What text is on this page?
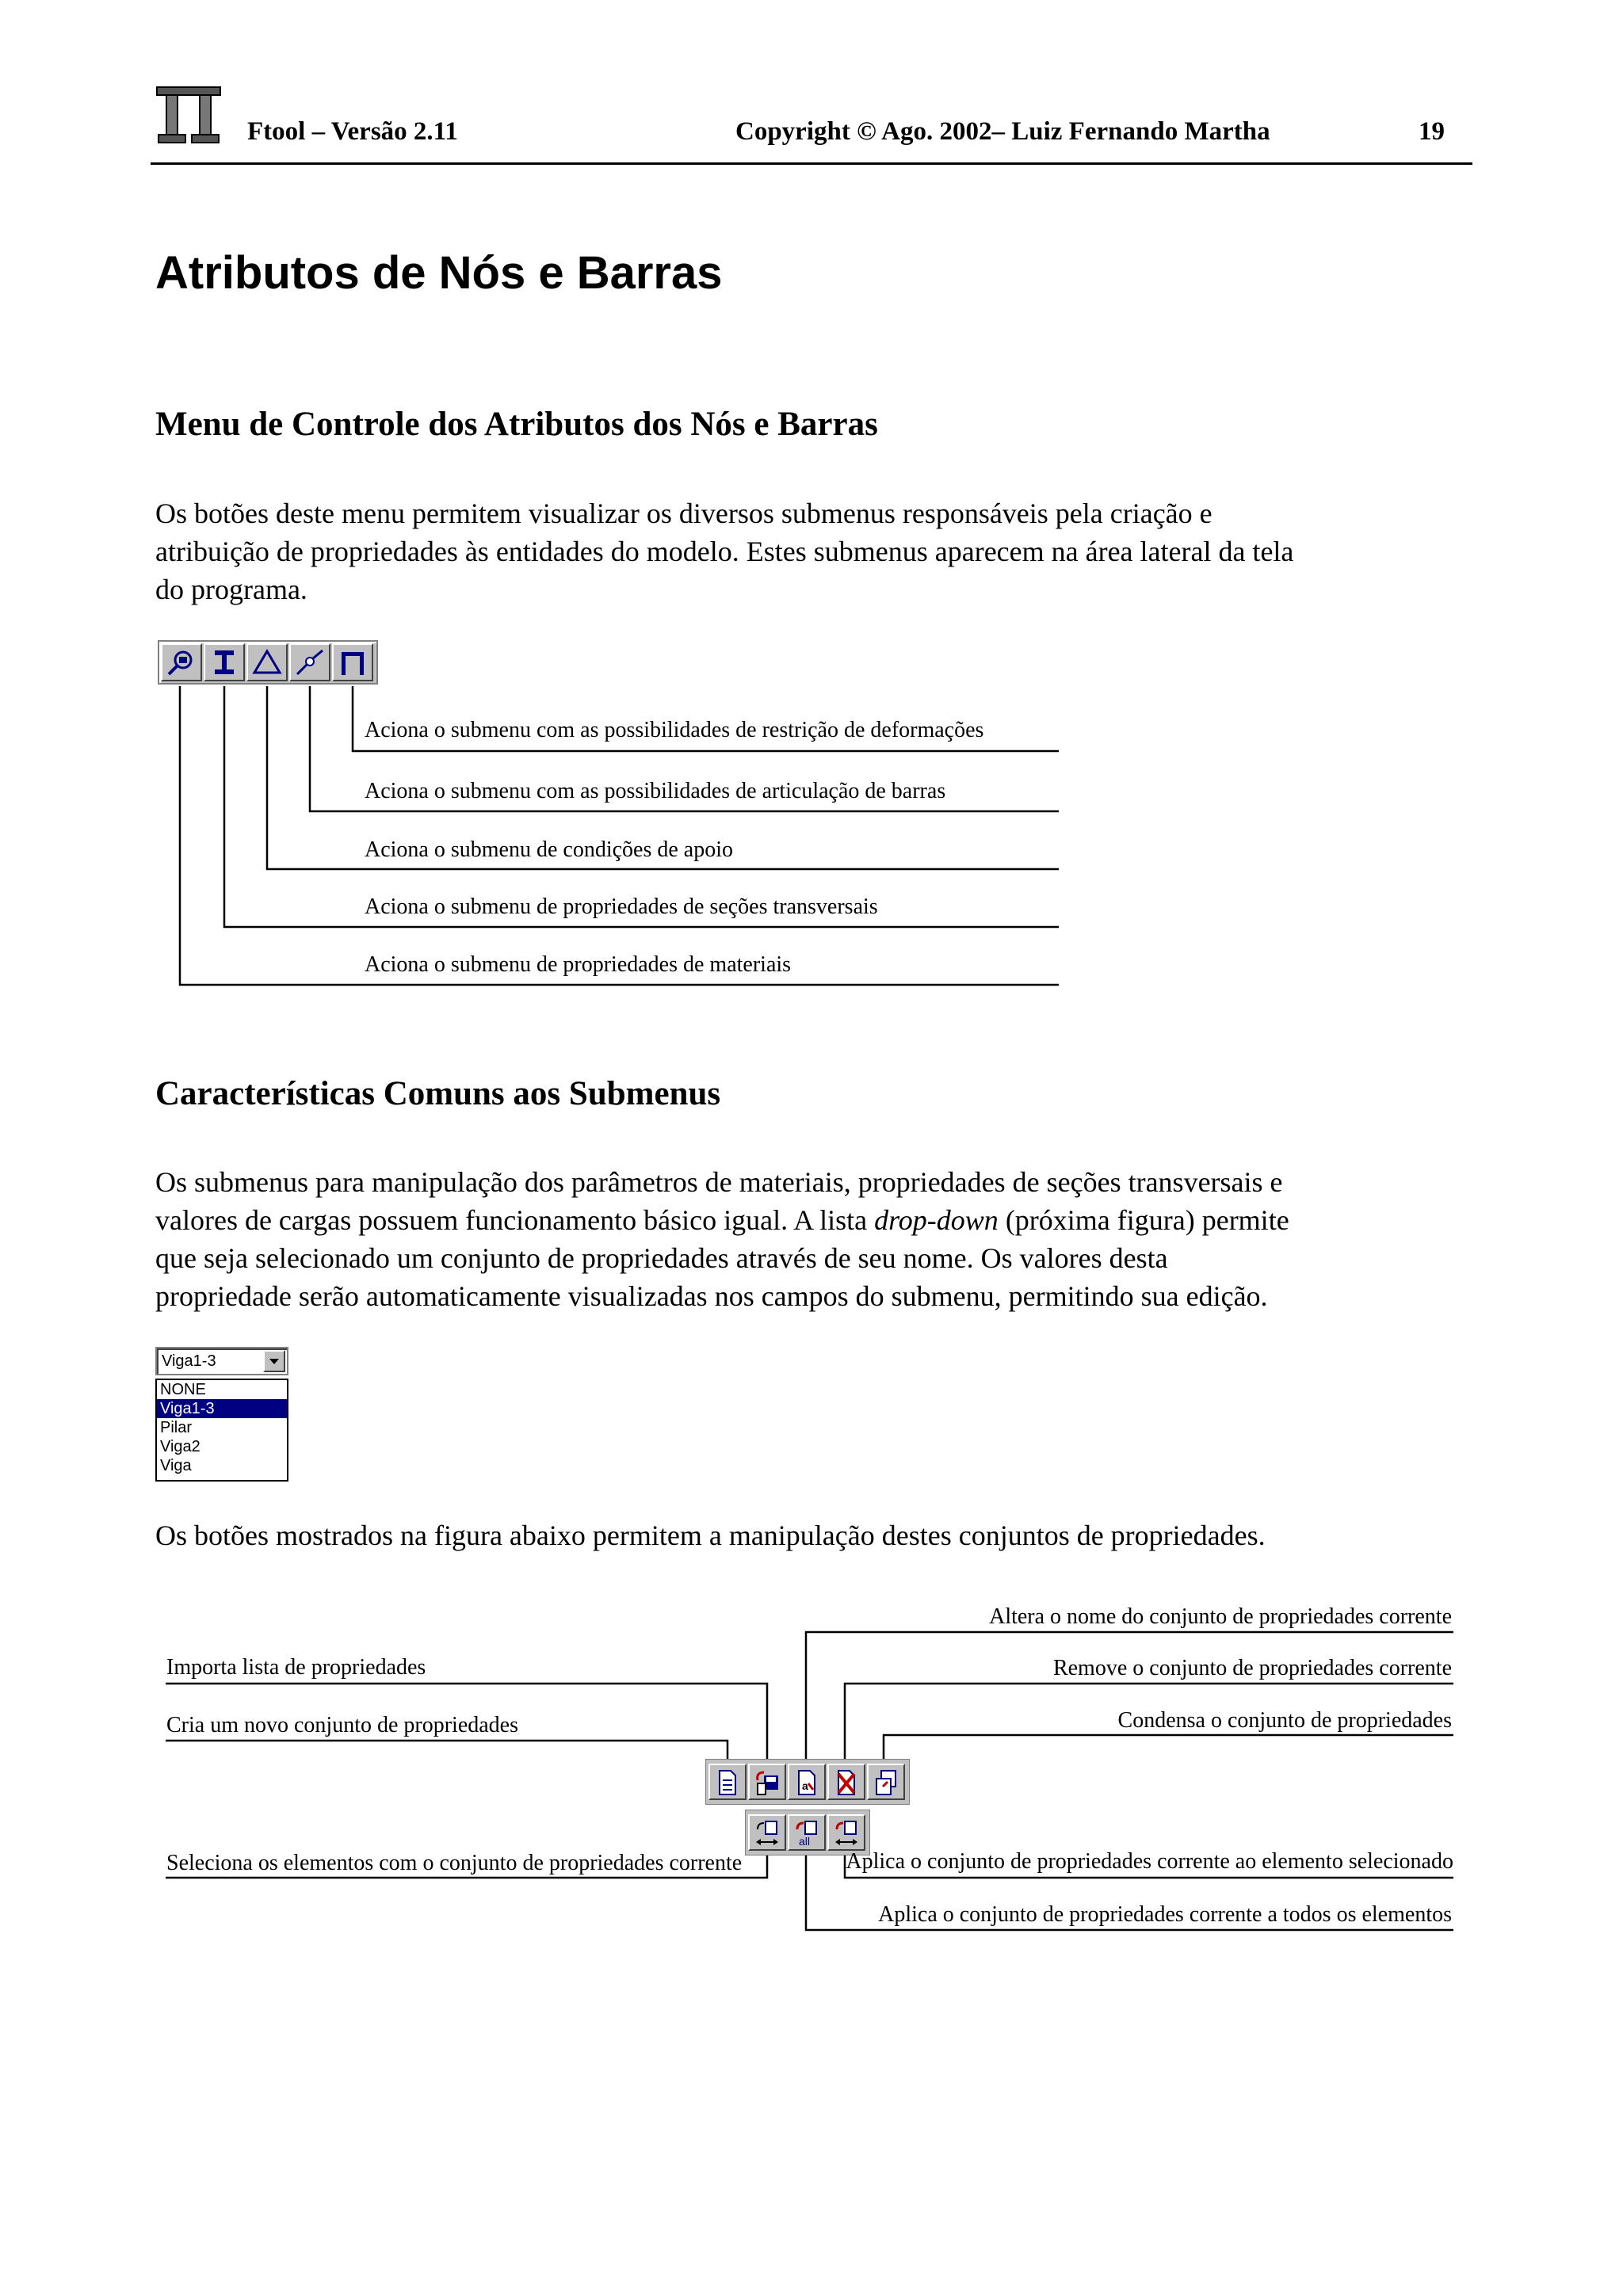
Ftool – Versão 2.11	Copyright © Ago. 2002– Luiz Fernando Martha	19
Atributos de Nós e Barras
Menu de Controle dos Atributos dos Nós e Barras

Os botões deste menu permitem visualizar os diversos submenus responsáveis pela criação e
atribuição de propriedades às entidades do modelo. Estes submenus aparecem na área lateral da tela
do programa.

Aciona o submenu com as possibilidades de restrição de deformações
Aciona o submenu com as possibilidades de articulação de barras
Aciona o submenu de condições de apoio
Aciona o submenu de propriedades de seções transversais
Aciona o submenu de propriedades de materiais
Características Comuns aos Submenus

Os submenus para manipulação dos parâmetros de materiais, propriedades de seções transversais e
valores de cargas possuem funcionamento básico igual. A lista drop-down (próxima figura) permite
que seja selecionado um conjunto de propriedades através de seu nome. Os valores desta
propriedade serão automaticamente visualizadas nos campos do submenu, permitindo sua edição.

Viga1-3
NONE
Viga1-3
Pilar
Viga2
Viga

Os botões mostrados na figura abaixo permitem a manipulação destes conjuntos de propriedades.

a
all
Altera o nome do conjunto de propriedades corrente
Importa lista de propriedades	Remove o conjunto de propriedades corrente
Cria um novo conjunto de propriedades	Condensa o conjunto de propriedades
Seleciona os elementos com o conjunto de propriedades corrente	Aplica o conjunto de propriedades corrente ao elemento selecionado
Aplica o conjunto de propriedades corrente a todos os elementos
